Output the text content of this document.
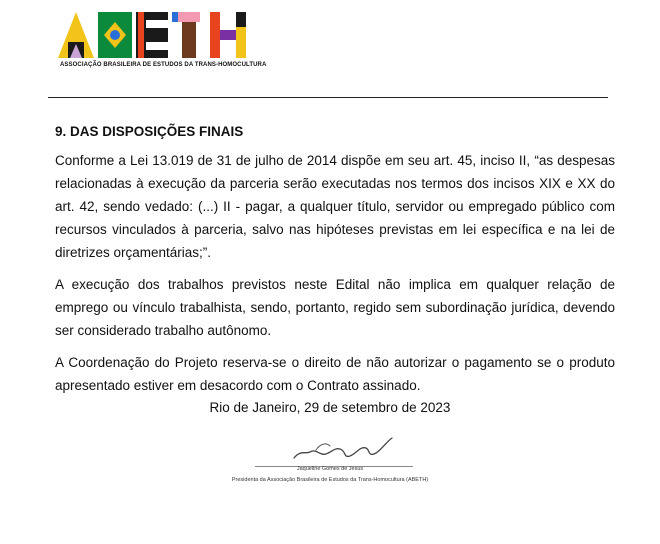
ASSOCIAÇÃO BRASILEIRA DE ESTUDOS DA TRANS-HOMOCULTURA
9. DAS DISPOSIÇÕES FINAIS

Conforme a Lei 13.019 de 31 de julho de 2014 dispõe em seu art. 45, inciso II, “as despesas relacionadas à execução da parceria serão executadas nos termos dos incisos XIX e XX do art. 42, sendo vedado: (...) II - pagar, a qualquer título, servidor ou empregado público com recursos vinculados à parceria, salvo nas hipóteses previstas em lei específica e na lei de diretrizes orçamentárias;”.

A execução dos trabalhos previstos neste Edital não implica em qualquer relação de emprego ou vínculo trabalhista, sendo, portanto, regido sem subordinação jurídica, devendo ser considerado trabalho autônomo.

A Coordenação do Projeto reserva-se o direito de não autorizar o pagamento se o produto apresentado estiver em desacordo com o Contrato assinado.

Rio de Janeiro, 29 de setembro de 2023
Jaqueline Gomes de Jesus
Presidenta da Associação Brasileira de Estudos da Trans-Homocultura (ABETH)
